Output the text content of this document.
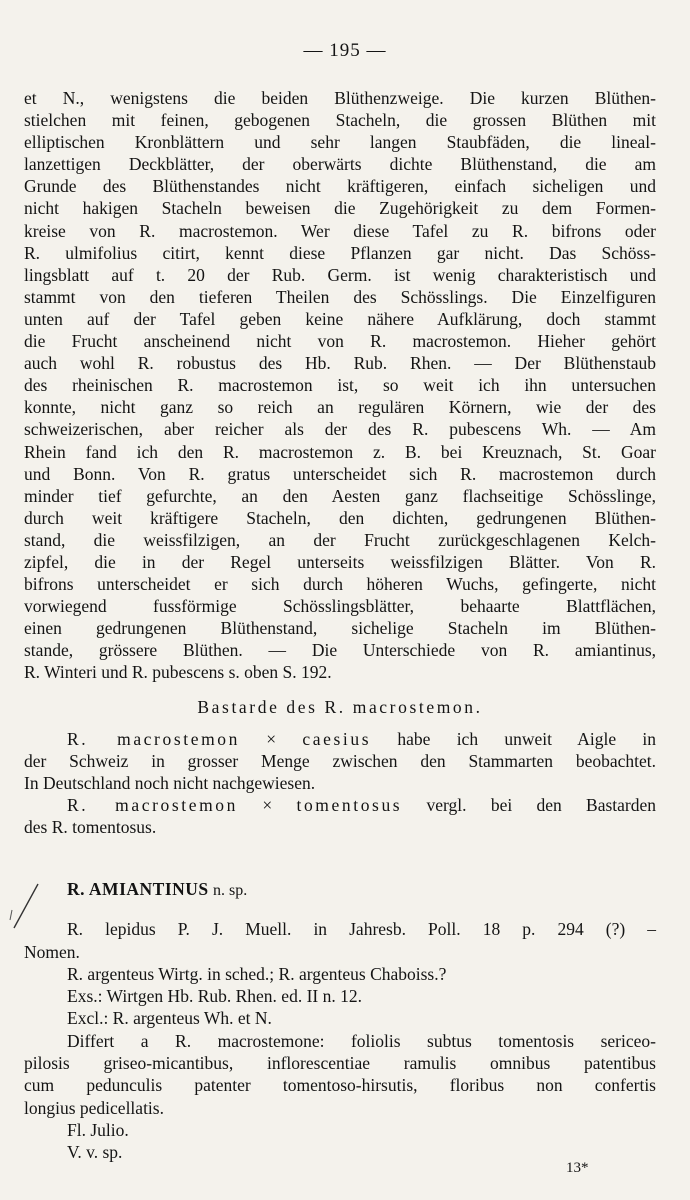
— 195 —
et N., wenigstens die beiden Blüthenzweige. Die kurzen Blüthen-
stielchen mit feinen, gebogenen Stacheln, die grossen Blüthen mit
elliptischen Kronblättern und sehr langen Staubfäden, die lineal-
lanzettigen Deckblätter, der oberwärts dichte Blüthenstand, die am
Grunde des Blüthenstandes nicht kräftigeren, einfach sicheligen und
nicht hakigen Stacheln beweisen die Zugehörigkeit zu dem Formen-
kreise von R. macrostemon. Wer diese Tafel zu R. bifrons oder
R. ulmifolius citirt, kennt diese Pflanzen gar nicht. Das Schöss-
lingsblatt auf t. 20 der Rub. Germ. ist wenig charakteristisch und
stammt von den tieferen Theilen des Schösslings. Die Einzelfiguren
unten auf der Tafel geben keine nähere Aufklärung, doch stammt
die Frucht anscheinend nicht von R. macrostemon. Hieher gehört
auch wohl R. robustus des Hb. Rub. Rhen. — Der Blüthenstaub
des rheinischen R. macrostemon ist, so weit ich ihn untersuchen
konnte, nicht ganz so reich an regulären Körnern, wie der des
schweizerischen, aber reicher als der des R. pubescens Wh. — Am
Rhein fand ich den R. macrostemon z. B. bei Kreuznach, St. Goar
und Bonn. Von R. gratus unterscheidet sich R. macrostemon durch
minder tief gefurchte, an den Aesten ganz flachseitige Schösslinge,
durch weit kräftigere Stacheln, den dichten, gedrungenen Blüthen-
stand, die weissfilzigen, an der Frucht zurückgeschlagenen Kelch-
zipfel, die in der Regel unterseits weissfilzigen Blätter. Von R.
bifrons unterscheidet er sich durch höheren Wuchs, gefingerte, nicht
vorwiegend fussförmige Schösslingsblätter, behaarte Blattflächen,
einen gedrungenen Blüthenstand, sichelige Stacheln im Blüthen-
stande, grössere Blüthen. — Die Unterschiede von R. amiantinus,
R. Winteri und R. pubescens s. oben S. 192.
Bastarde des R. macrostemon.
R. macrostemon × caesius habe ich unweit Aigle in
der Schweiz in grosser Menge zwischen den Stammarten beobachtet.
In Deutschland noch nicht nachgewiesen.
R. macrostemon × tomentosus vergl. bei den Bastarden
des R. tomentosus.
R. AMIANTINUS n. sp.
R. lepidus P. J. Muell. in Jahresb. Poll. 18 p. 294 (?) –
Nomen.
R. argenteus Wirtg. in sched.; R. argenteus Chaboiss.?
Exs.: Wirtgen Hb. Rub. Rhen. ed. II n. 12.
Excl.: R. argenteus Wh. et N.
Differt a R. macrostemone: foliolis subtus tomentosis sericeo-
pilosis griseo-micantibus, inflorescentiae ramulis omnibus patentibus
cum pedunculis patenter tomentoso-hirsutis, floribus non confertis
longius pedicellatis.
Fl. Julio.
V. v. sp.
13*
